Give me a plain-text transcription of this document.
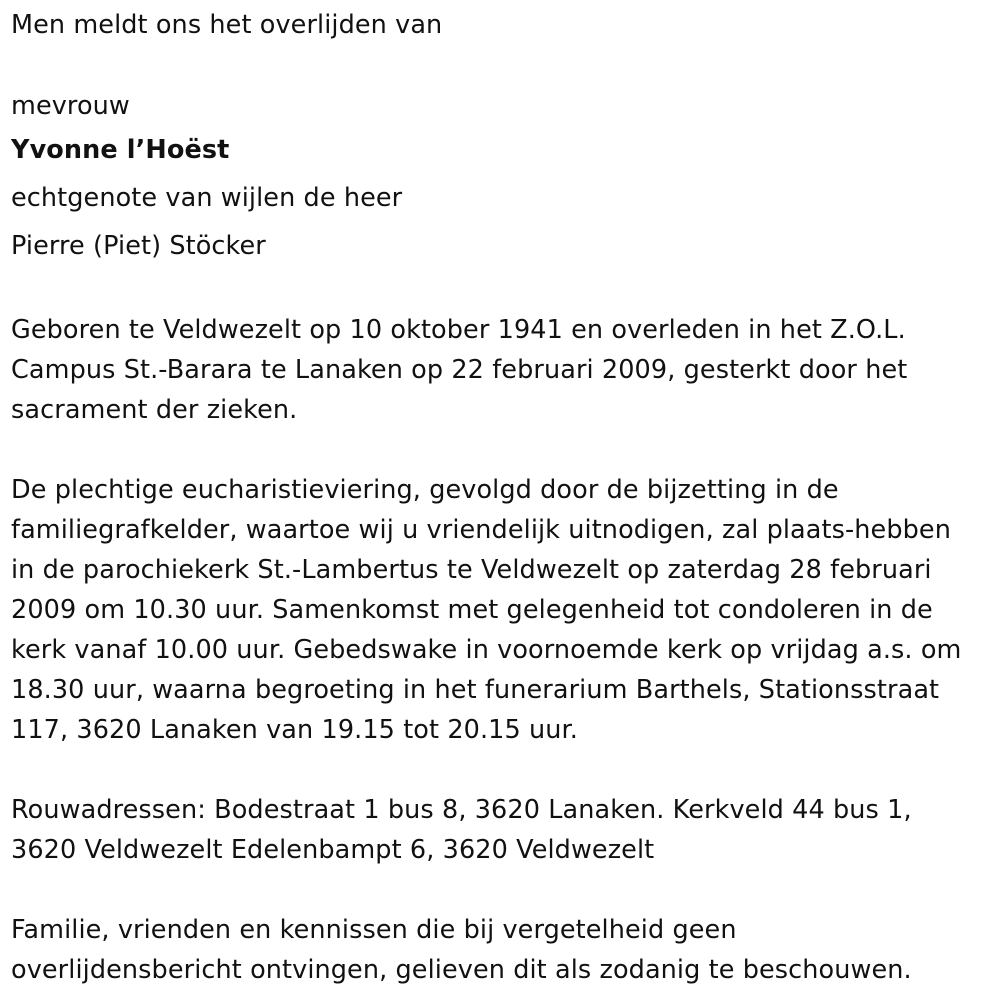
Men meldt ons het overlijden van
mevrouw
Yvonne l’Hoëst
echtgenote van wijlen de heer
Pierre (Piet) Stöcker
Geboren te Veldwezelt op 10 oktober 1941 en overleden in het Z.O.L.
Campus St.-Barara te Lanaken op 22 februari 2009, gesterkt door het
sacrament der zieken.
De plechtige eucharistieviering, gevolgd door de bijzetting in de
familiegrafkelder, waartoe wij u vriendelijk uitnodigen, zal plaats-hebben
in de parochiekerk St.-Lambertus te Veldwezelt op zaterdag 28 februari
2009 om 10.30 uur. Samenkomst met gelegenheid tot condoleren in de
kerk vanaf 10.00 uur. Gebedswake in voornoemde kerk op vrijdag a.s. om
18.30 uur, waarna begroeting in het funerarium Barthels, Stationsstraat
117, 3620 Lanaken van 19.15 tot 20.15 uur.
Rouwadressen: Bodestraat 1 bus 8, 3620 Lanaken. Kerkveld 44 bus 1,
3620 Veldwezelt Edelenbampt 6, 3620 Veldwezelt
Familie, vrienden en kennissen die bij vergetelheid geen
overlijdensbericht ontvingen, gelieven dit als zodanig te beschouwen.
